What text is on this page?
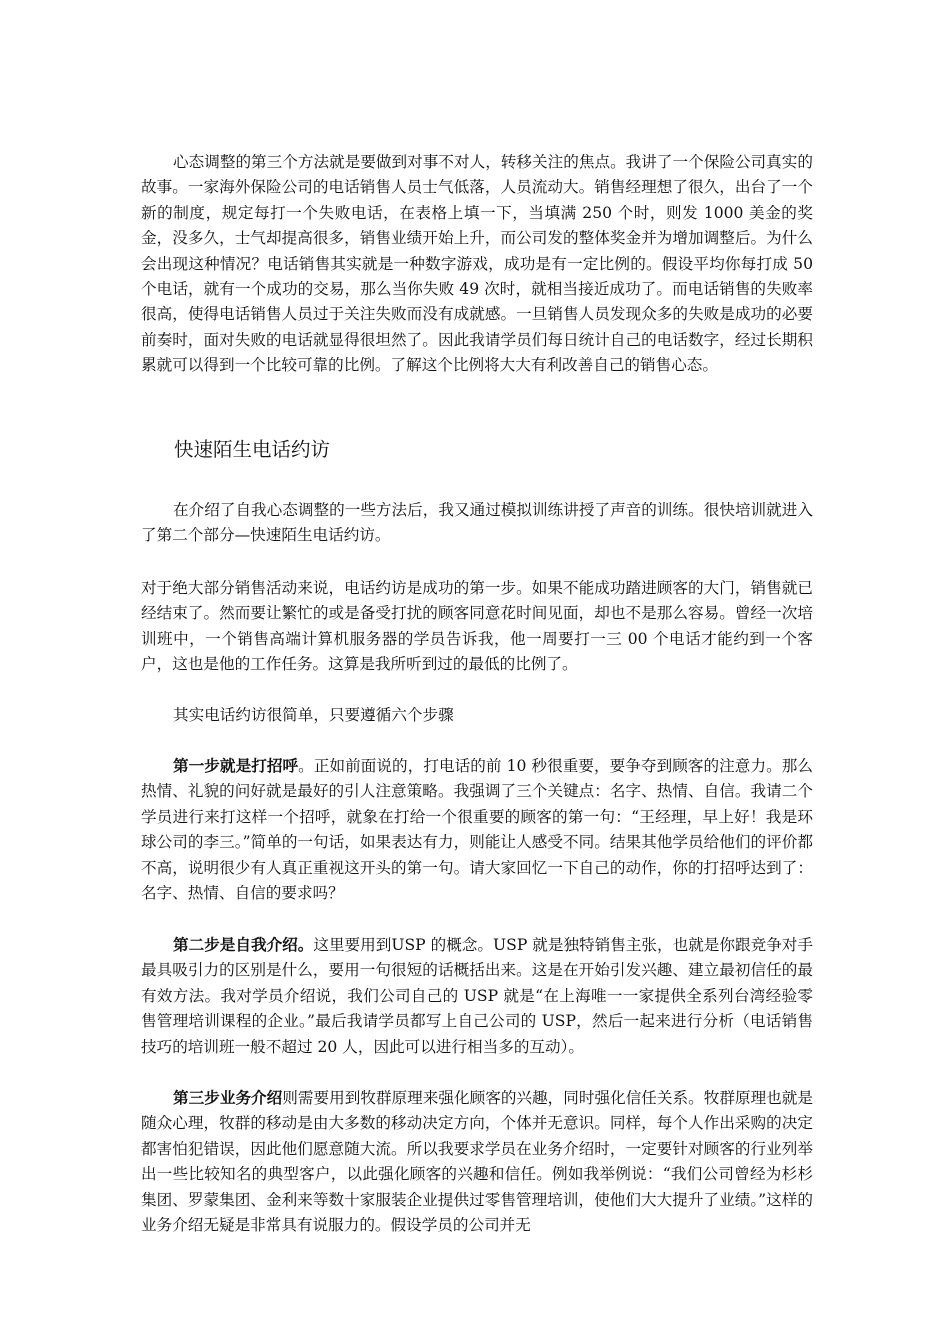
心态调整的第三个方法就是要做到对事不对人，转移关注的焦点。我讲了一个保险公司真实的故事。一家海外保险公司的电话销售人员士气低落，人员流动大。销售经理想了很久，出台了一个新的制度，规定每打一个失败电话，在表格上填一下，当填满 250 个时，则发 1000 美金的奖金，没多久，士气却提高很多，销售业绩开始上升，而公司发的整体奖金并为增加调整后。为什么会出现这种情况？电话销售其实就是一种数字游戏，成功是有一定比例的。假设平均你每打成 50 个电话，就有一个成功的交易，那么当你失败 49 次时，就相当接近成功了。而电话销售的失败率很高，使得电话销售人员过于关注失败而没有成就感。一旦销售人员发现众多的失败是成功的必要前奏时，面对失败的电话就显得很坦然了。因此我请学员们每日统计自己的电话数字，经过长期积累就可以得到一个比较可靠的比例。了解这个比例将大大有利改善自己的销售心态。

快速陌生电话约访

在介绍了自我心态调整的一些方法后，我又通过模拟训练讲授了声音的训练。很快培训就进入了第二个部分—快速陌生电话约访。

对于绝大部分销售活动来说，电话约访是成功的第一步。如果不能成功踏进顾客的大门，销售就已经结束了。然而要让繁忙的或是备受打扰的顾客同意花时间见面，却也不是那么容易。曾经一次培训班中，一个销售高端计算机服务器的学员告诉我，他一周要打一三 00 个电话才能约到一个客户，这也是他的工作任务。这算是我所听到过的最低的比例了。

其实电话约访很简单，只要遵循六个步骤

第一步就是打招呼。正如前面说的，打电话的前 10 秒很重要，要争夺到顾客的注意力。那么热情、礼貌的问好就是最好的引人注意策略。我强调了三个关键点：名字、热情、自信。我请二个学员进行来打这样一个招呼，就象在打给一个很重要的顾客的第一句：“王经理，早上好！我是环球公司的李三。”简单的一句话，如果表达有力，则能让人感受不同。结果其他学员给他们的评价都不高，说明很少有人真正重视这开头的第一句。请大家回忆一下自己的动作，你的打招呼达到了：名字、热情、自信的要求吗？

第二步是自我介绍。这里要用到USP 的概念。USP 就是独特销售主张，也就是你跟竞争对手最具吸引力的区别是什么，要用一句很短的话概括出来。这是在开始引发兴趣、建立最初信任的最有效方法。我对学员介绍说，我们公司自己的 USP 就是“在上海唯一一家提供全系列台湾经验零售管理培训课程的企业。”最后我请学员都写上自己公司的 USP，然后一起来进行分析（电话销售技巧的培训班一般不超过 20 人，因此可以进行相当多的互动）。

第三步业务介绍则需要用到牧群原理来强化顾客的兴趣，同时强化信任关系。牧群原理也就是随众心理，牧群的移动是由大多数的移动决定方向，个体并无意识。同样，每个人作出采购的决定都害怕犯错误，因此他们愿意随大流。所以我要求学员在业务介绍时，一定要针对顾客的行业列举出一些比较知名的典型客户，以此强化顾客的兴趣和信任。例如我举例说：“我们公司曾经为杉杉集团、罗蒙集团、金利来等数十家服装企业提供过零售管理培训，使他们大大提升了业绩。”这样的业务介绍无疑是非常具有说服力的。假设学员的公司并无
